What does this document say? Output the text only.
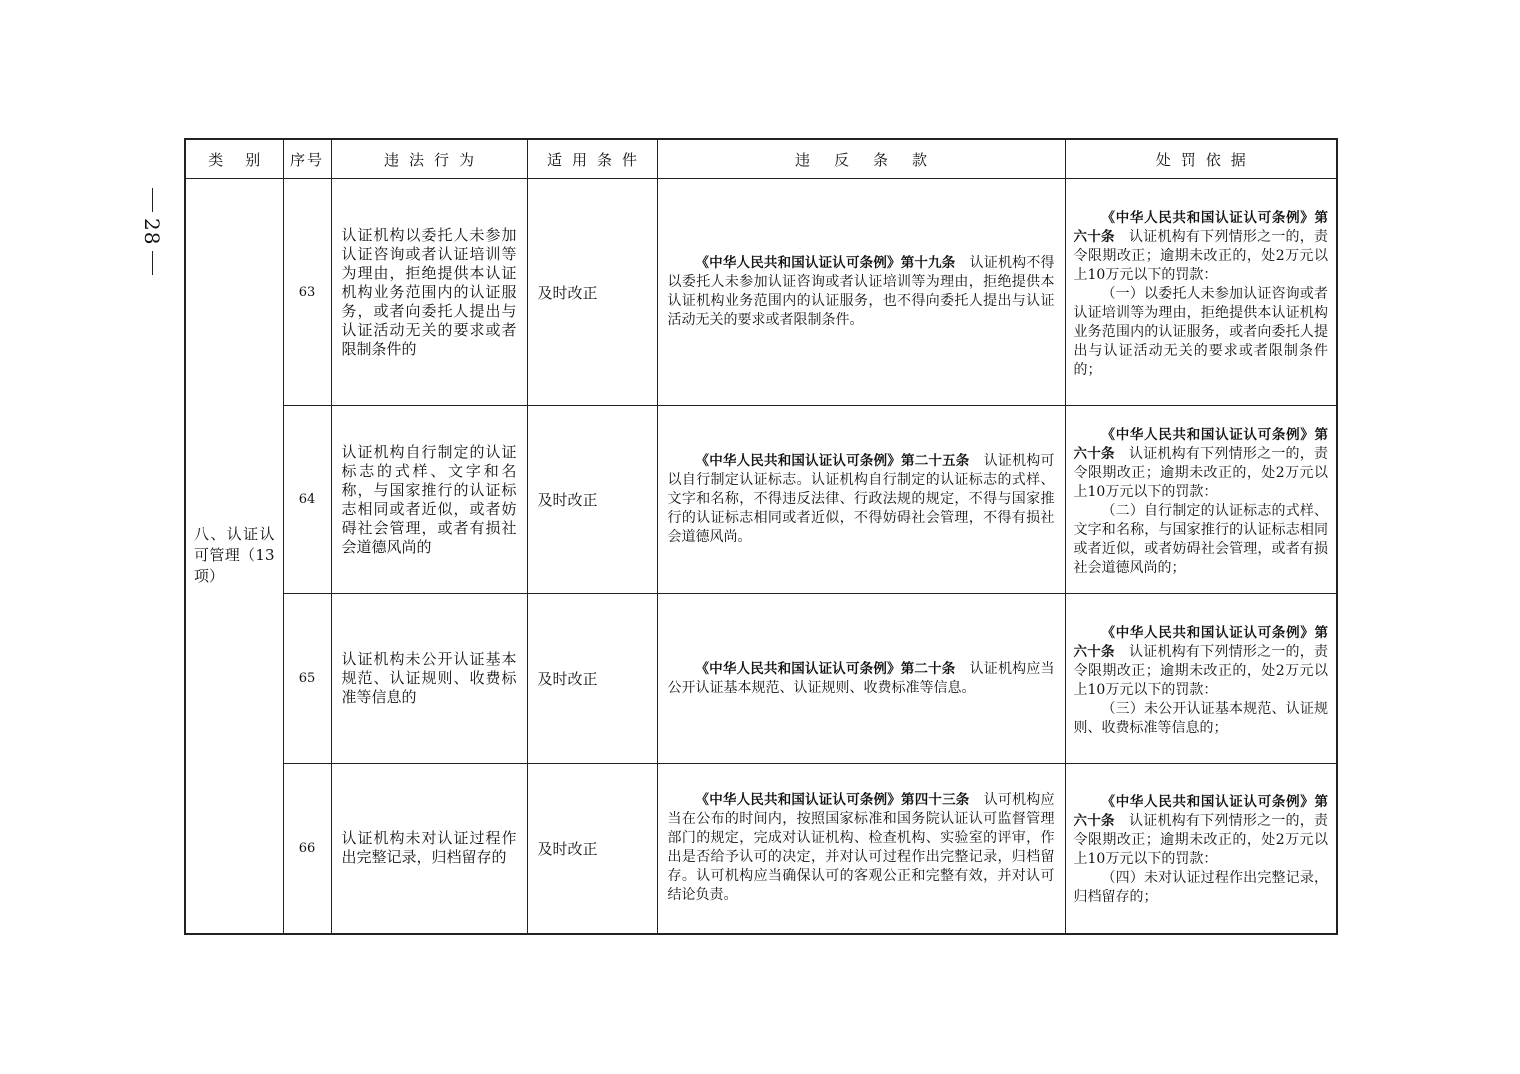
28
类别	序号	违法行为	适用条件	违反条款	处罚依据
八、认证认可管理（13项）	63	认证机构以委托人未参加认证咨询或者认证培训等为理由，拒绝提供本认证机构业务范围内的认证服务，或者向委托人提出与认证活动无关的要求或者限制条件的	及时改正	《中华人民共和国认证认可条例》第十九条　 认证机构不得以委托人未参加认证咨询或者认证培训等为理由，拒绝提供本认证机构业务范围内的认证服务，也不得向委托人提出与认证活动无关的要求或者限制条件。	《中华人民共和国认证认可条例》第六十条　 认证机构有下列情形之一的，责令限期改正；逾期未改正的，处2万元以上10万元以下的罚款：

（一）以委托人未参加认证咨询或者认证培训等为理由，拒绝提供本认证机构业务范围内的认证服务，或者向委托人提出与认证活动无关的要求或者限制条件的；

	64	认证机构自行制定的认证标志的式样、文字和名称，与国家推行的认证标志相同或者近似，或者妨碍社会管理，或者有损社会道德风尚的	及时改正	《中华人民共和国认证认可条例》第二十五条　 认证机构可以自行制定认证标志。认证机构自行制定的认证标志的式样、文字和名称，不得违反法律、行政法规的规定，不得与国家推行的认证标志相同或者近似，不得妨碍社会管理，不得有损社会道德风尚。	《中华人民共和国认证认可条例》第六十条　 认证机构有下列情形之一的，责令限期改正；逾期未改正的，处2万元以上10万元以下的罚款：

（二）自行制定的认证标志的式样、文字和名称，与国家推行的认证标志相同或者近似，或者妨碍社会管理，或者有损社会道德风尚的；

	65	认证机构未公开认证基本规范、认证规则、收费标准等信息的	及时改正	《中华人民共和国认证认可条例》第二十条　 认证机构应当公开认证基本规范、认证规则、收费标准等信息。	《中华人民共和国认证认可条例》第六十条　 认证机构有下列情形之一的，责令限期改正；逾期未改正的，处2万元以上10万元以下的罚款：

（三）未公开认证基本规范、认证规则、收费标准等信息的；

	66	认证机构未对认证过程作出完整记录，归档留存的	及时改正	《中华人民共和国认证认可条例》第四十三条　 认可机构应当在公布的时间内，按照国家标准和国务院认证认可监督管理部门的规定，完成对认证机构、检查机构、实验室的评审，作出是否给予认可的决定，并对认可过程作出完整记录，归档留存。认可机构应当确保认可的客观公正和完整有效，并对认可结论负责。	《中华人民共和国认证认可条例》第六十条　 认证机构有下列情形之一的，责令限期改正；逾期未改正的，处2万元以上10万元以下的罚款：

（四）未对认证过程作出完整记录，归档留存的；
